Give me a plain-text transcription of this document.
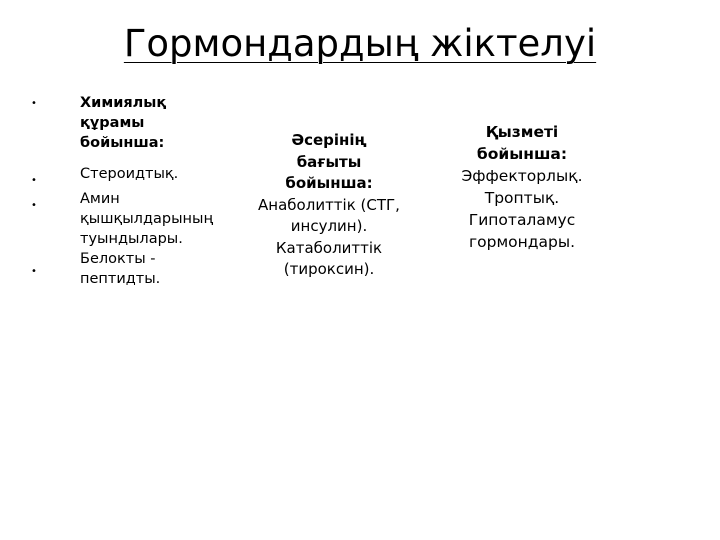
Гормондардың жіктелуі
•
•
•
•
Химиялық
құрамы
бойынша:
Стероидтық.
Амин
қышқылдарының
туындылары.
Белокты -
пептидты.
Әсерінің
бағыты
бойынша:
Анаболиттік (СТГ,
инсулин).
Катаболиттік
(тироксин).
Қызметі
бойынша:
Эффекторлық.
Троптық.
Гипоталамус
гормондары.
